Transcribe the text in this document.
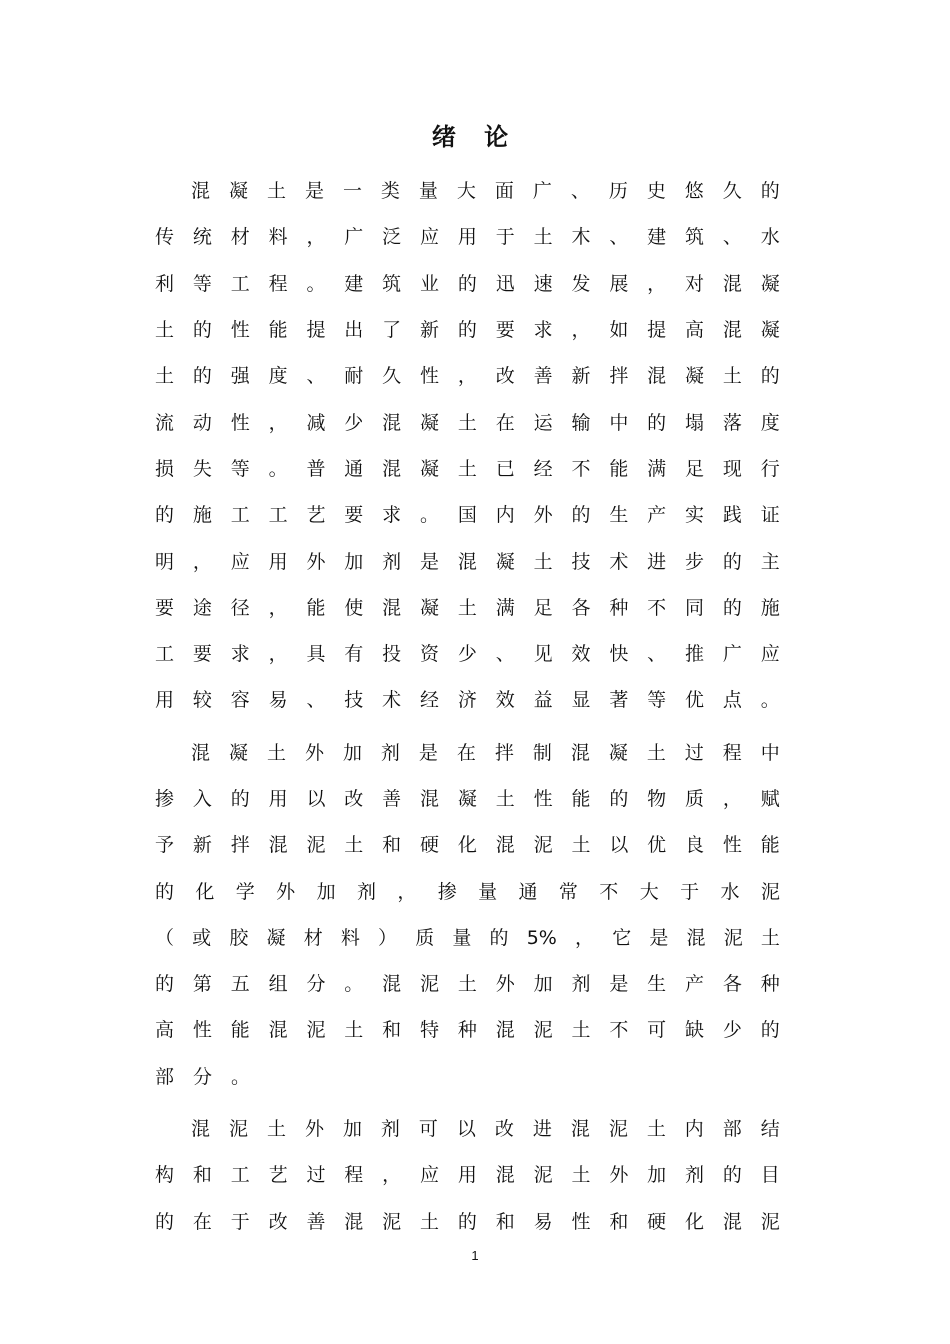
绪 论
混 凝 土 是 一 类 量 大 面 广 、 历 史 悠 久 的
传 统 材 料 ， 广 泛 应 用 于 土 木 、 建 筑 、 水
利 等 工 程 。 建 筑 业 的 迅 速 发 展 ， 对 混 凝
土 的 性 能 提 出 了 新 的 要 求 ， 如 提 高 混 凝
土 的 强 度 、 耐 久 性 ， 改 善 新 拌 混 凝 土 的
流 动 性 ， 减 少 混 凝 土 在 运 输 中 的 塌 落 度
损 失 等 。 普 通 混 凝 土 已 经 不 能 满 足 现 行
的 施 工 工 艺 要 求 。 国 内 外 的 生 产 实 践 证
明 ， 应 用 外 加 剂 是 混 凝 土 技 术 进 步 的 主
要 途 径 ， 能 使 混 凝 土 满 足 各 种 不 同 的 施
工 要 求 ， 具 有 投 资 少 、 见 效 快 、 推 广 应
用 较 容 易 、 技 术 经 济 效 益 显 著 等 优 点 。
混 凝 土 外 加 剂 是 在 拌 制 混 凝 土 过 程 中
掺 入 的 用 以 改 善 混 凝 土 性 能 的 物 质 ， 赋
予 新 拌 混 泥 土 和 硬 化 混 泥 土 以 优 良 性 能
的 化 学 外 加 剂 ， 掺 量 通 常 不 大 于 水 泥
（ 或 胶 凝 材 料 ） 质 量 的 5% ， 它 是 混 泥 土
的 第 五 组 分 。 混 泥 土 外 加 剂 是 生 产 各 种
高 性 能 混 泥 土 和 特 种 混 泥 土 不 可 缺 少 的
部 分 。
混 泥 土 外 加 剂 可 以 改 进 混 泥 土 内 部 结
构 和 工 艺 过 程 ， 应 用 混 泥 土 外 加 剂 的 目
的 在 于 改 善 混 泥 土 的 和 易 性 和 硬 化 混 泥
1
